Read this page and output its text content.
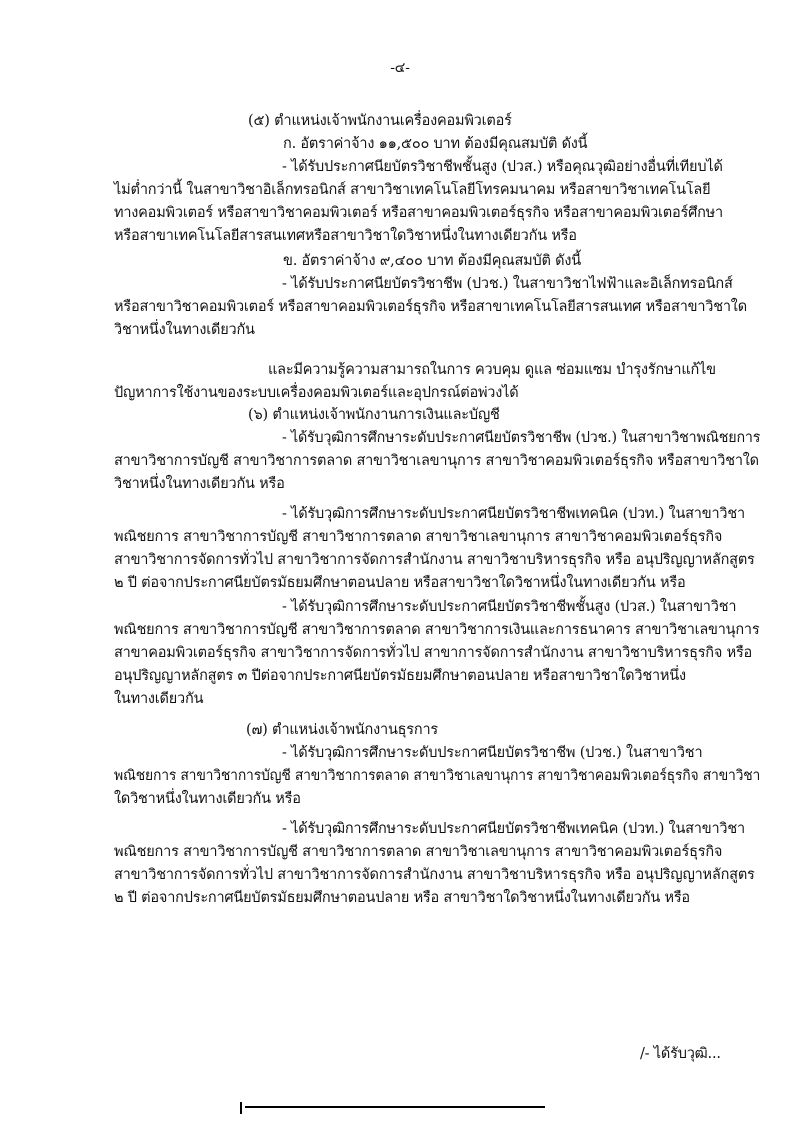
-๔-
(๕) ตำแหน่งเจ้าพนักงานเครื่องคอมพิวเตอร์
ก. อัตราค่าจ้าง ๑๑,๕๐๐ บาท ต้องมีคุณสมบัติ ดังนี้
- ได้รับประกาศนียบัตรวิชาชีพชั้นสูง (ปวส.) หรือคุณวุฒิอย่างอื่นที่เทียบได้
ไม่ต่ำกว่านี้ ในสาขาวิชาอิเล็กทรอนิกส์ สาขาวิชาเทคโนโลยีโทรคมนาคม หรือสาขาวิชาเทคโนโลยี
ทางคอมพิวเตอร์ หรือสาขาวิชาคอมพิวเตอร์ หรือสาขาคอมพิวเตอร์ธุรกิจ หรือสาขาคอมพิวเตอร์ศึกษา
หรือสาขาเทคโนโลยีสารสนเทศหรือสาขาวิชาใดวิชาหนึ่งในทางเดียวกัน หรือ
ข. อัตราค่าจ้าง ๙,๔๐๐ บาท ต้องมีคุณสมบัติ ดังนี้
- ได้รับประกาศนียบัตรวิชาชีพ (ปวช.) ในสาขาวิชาไฟฟ้าและอิเล็กทรอนิกส์
หรือสาขาวิชาคอมพิวเตอร์ หรือสาขาคอมพิวเตอร์ธุรกิจ หรือสาขาเทคโนโลยีสารสนเทศ หรือสาขาวิชาใด
วิชาหนึ่งในทางเดียวกัน
และมีความรู้ความสามารถในการ ควบคุม ดูแล ซ่อมแซม บำรุงรักษาแก้ไข
ปัญหาการใช้งานของระบบเครื่องคอมพิวเตอร์และอุปกรณ์ต่อพ่วงได้
(๖) ตำแหน่งเจ้าพนักงานการเงินและบัญชี
- ได้รับวุฒิการศึกษาระดับประกาศนียบัตรวิชาชีพ (ปวช.) ในสาขาวิชาพณิชยการ
สาขาวิชาการบัญชี สาขาวิชาการตลาด สาขาวิชาเลขานุการ สาขาวิชาคอมพิวเตอร์ธุรกิจ หรือสาขาวิชาใด
วิชาหนึ่งในทางเดียวกัน หรือ
- ได้รับวุฒิการศึกษาระดับประกาศนียบัตรวิชาชีพเทคนิค (ปวท.) ในสาขาวิชา
พณิชยการ สาขาวิชาการบัญชี สาขาวิชาการตลาด สาขาวิชาเลขานุการ สาขาวิชาคอมพิวเตอร์ธุรกิจ
สาขาวิชาการจัดการทั่วไป สาขาวิชาการจัดการสำนักงาน สาขาวิชาบริหารธุรกิจ หรือ อนุปริญญาหลักสูตร
๒ ปี ต่อจากประกาศนียบัตรมัธยมศึกษาตอนปลาย หรือสาขาวิชาใดวิชาหนึ่งในทางเดียวกัน หรือ
- ได้รับวุฒิการศึกษาระดับประกาศนียบัตรวิชาชีพชั้นสูง (ปวส.) ในสาขาวิชา
พณิชยการ สาขาวิชาการบัญชี สาขาวิชาการตลาด สาขาวิชาการเงินและการธนาคาร สาขาวิชาเลขานุการ
สาขาคอมพิวเตอร์ธุรกิจ สาขาวิชาการจัดการทั่วไป สาขาการจัดการสำนักงาน สาขาวิชาบริหารธุรกิจ หรือ
อนุปริญญาหลักสูตร ๓ ปีต่อจากประกาศนียบัตรมัธยมศึกษาตอนปลาย หรือสาขาวิชาใดวิชาหนึ่ง
ในทางเดียวกัน
(๗) ตำแหน่งเจ้าพนักงานธุรการ
- ได้รับวุฒิการศึกษาระดับประกาศนียบัตรวิชาชีพ (ปวช.) ในสาขาวิชา
พณิชยการ สาขาวิชาการบัญชี สาขาวิชาการตลาด สาขาวิชาเลขานุการ สาขาวิชาคอมพิวเตอร์ธุรกิจ สาขาวิชา
ใดวิชาหนึ่งในทางเดียวกัน หรือ
- ได้รับวุฒิการศึกษาระดับประกาศนียบัตรวิชาชีพเทคนิค (ปวท.) ในสาขาวิชา
พณิชยการ สาขาวิชาการบัญชี สาขาวิชาการตลาด สาขาวิชาเลขานุการ สาขาวิชาคอมพิวเตอร์ธุรกิจ
สาขาวิชาการจัดการทั่วไป สาขาวิชาการจัดการสำนักงาน สาขาวิชาบริหารธุรกิจ หรือ อนุปริญญาหลักสูตร
๒ ปี ต่อจากประกาศนียบัตรมัธยมศึกษาตอนปลาย หรือ สาขาวิชาใดวิชาหนึ่งในทางเดียวกัน หรือ
/- ได้รับวุฒิ...
